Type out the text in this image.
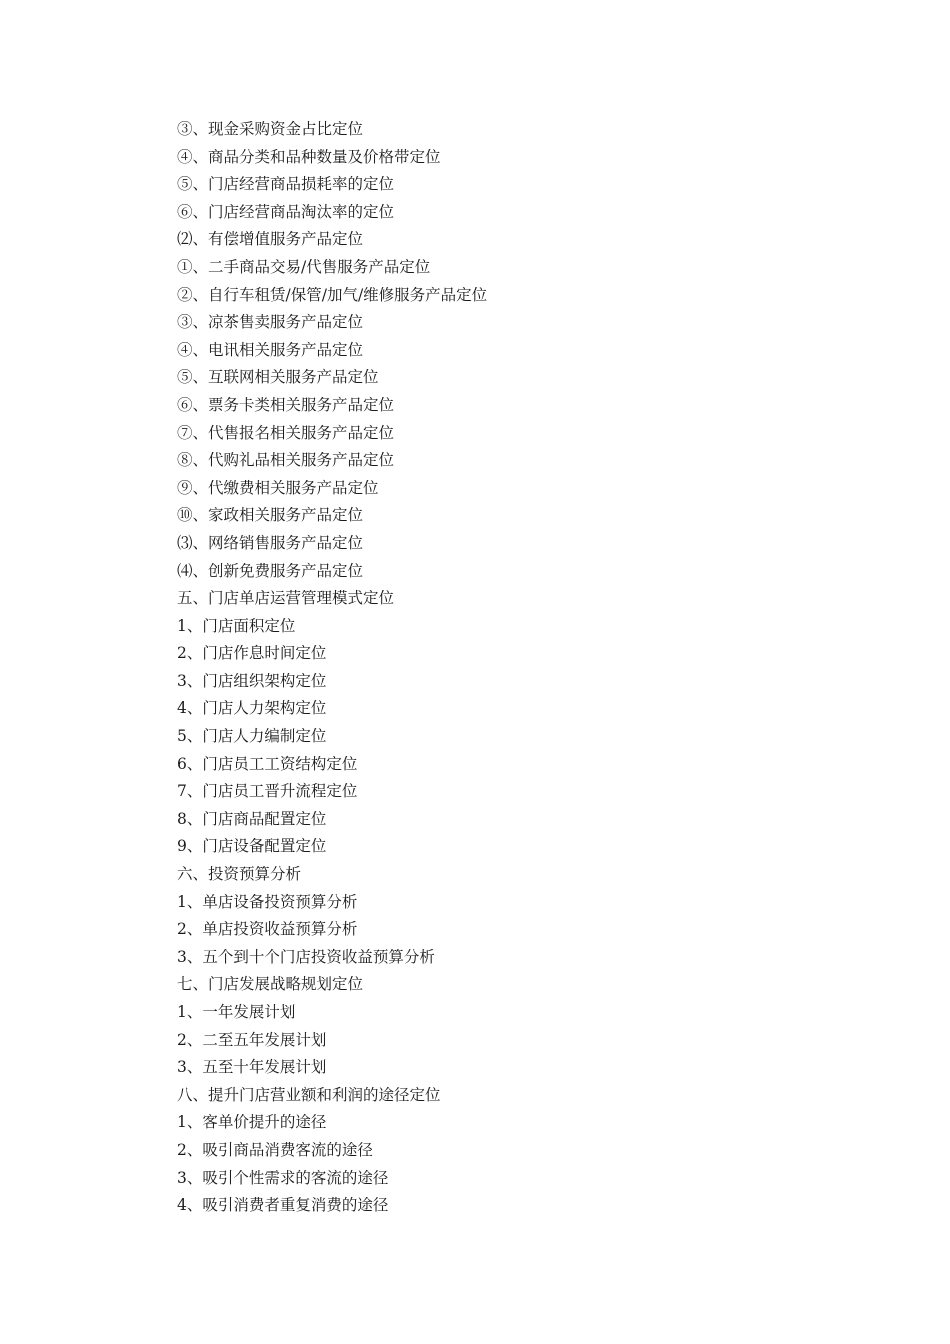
③、现金采购资金占比定位
④、商品分类和品种数量及价格带定位
⑤、门店经营商品损耗率的定位
⑥、门店经营商品淘汰率的定位
⑵、有偿增值服务产品定位
①、二手商品交易/代售服务产品定位
②、自行车租赁/保管/加气/维修服务产品定位
③、凉茶售卖服务产品定位
④、电讯相关服务产品定位
⑤、互联网相关服务产品定位
⑥、票务卡类相关服务产品定位
⑦、代售报名相关服务产品定位
⑧、代购礼品相关服务产品定位
⑨、代缴费相关服务产品定位
⑩、家政相关服务产品定位
⑶、网络销售服务产品定位
⑷、创新免费服务产品定位
五、门店单店运营管理模式定位
1、门店面积定位
2、门店作息时间定位
3、门店组织架构定位
4、门店人力架构定位
5、门店人力编制定位
6、门店员工工资结构定位
7、门店员工晋升流程定位
8、门店商品配置定位
9、门店设备配置定位
六、投资预算分析
1、单店设备投资预算分析
2、单店投资收益预算分析
3、五个到十个门店投资收益预算分析
七、门店发展战略规划定位
1、一年发展计划
2、二至五年发展计划
3、五至十年发展计划
八、提升门店营业额和利润的途径定位
1、客单价提升的途径
2、吸引商品消费客流的途径
3、吸引个性需求的客流的途径
4、吸引消费者重复消费的途径
